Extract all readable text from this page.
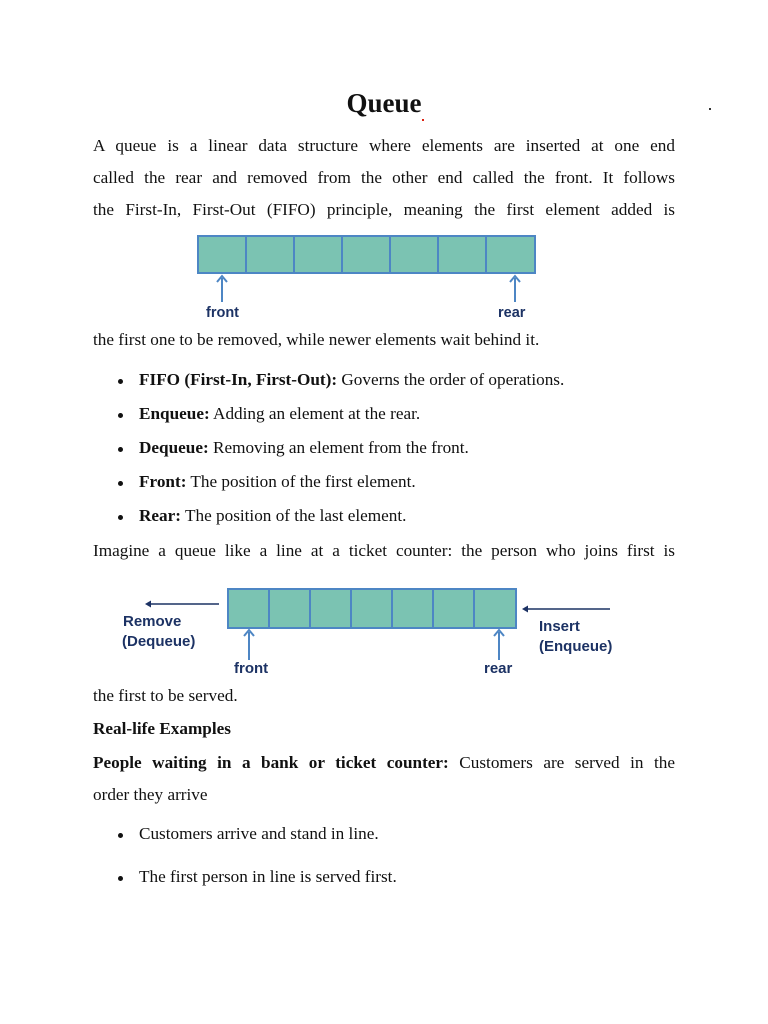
Queue

A queue is a linear data structure where elements are inserted at one end

called the rear and removed from the other end called the front. It follows

the First-In, First-Out (FIFO) principle, meaning the first element added is

front	rear

the first one to be removed, while newer elements wait behind it.

FIFO (First-In, First-Out): Governs the order of operations.
Enqueue: Adding an element at the rear.
Dequeue: Removing an element from the front.
Front: The position of the first element.
Rear: The position of the last element.

Imagine a queue like a line at a ticket counter: the person who joins first is

Remove
(Dequeue)
Insert
(Enqueue)
front	rear

the first to be served.

Real-life Examples

People waiting in a bank or ticket counter: Customers are served in the

order they arrive

Customers arrive and stand in line.
The first person in line is served first.
